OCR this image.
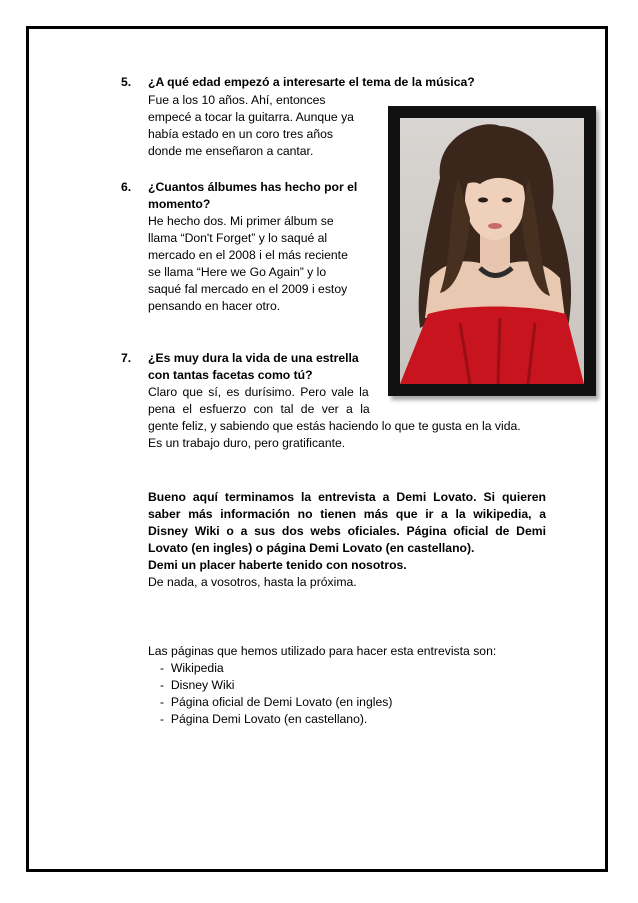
5. ¿A qué edad empezó a interesarte el tema de la música?
Fue a los 10 años. Ahí, entonces
empecé a tocar la guitarra. Aunque ya
había estado en un coro tres años
donde me enseñaron a cantar.
6. ¿Cuantos álbumes has hecho por el
momento?
He hecho dos. Mi primer álbum se
llama “Don't Forget” y lo saqué al
mercado en el 2008 i el más reciente
se llama “Here we Go Again” y lo
saqué fal mercado en el 2009 i estoy
pensando en hacer otro.
7. ¿Es muy dura la vida de una estrella
con tantas facetas como tú?
Claro que sí, es durísimo. Pero vale la
pena el esfuerzo con tal de ver a la
gente feliz, y sabiendo que estás haciendo lo que te gusta en la vida.
Es un trabajo duro, pero gratificante.
Bueno aquí terminamos la entrevista a Demi Lovato. Si quieren
saber más información no tienen más que ir a la wikipedia, a
Disney Wiki o a sus dos webs oficiales. Página oficial de Demi
Lovato (en ingles) o página Demi Lovato (en castellano).
Demi un placer haberte tenido con nosotros.
De nada, a vosotros, hasta la próxima.
Las páginas que hemos utilizado para hacer esta entrevista son:
-  Wikipedia
-  Disney Wiki
-  Página oficial de Demi Lovato (en ingles)
-  Página Demi Lovato (en castellano).
